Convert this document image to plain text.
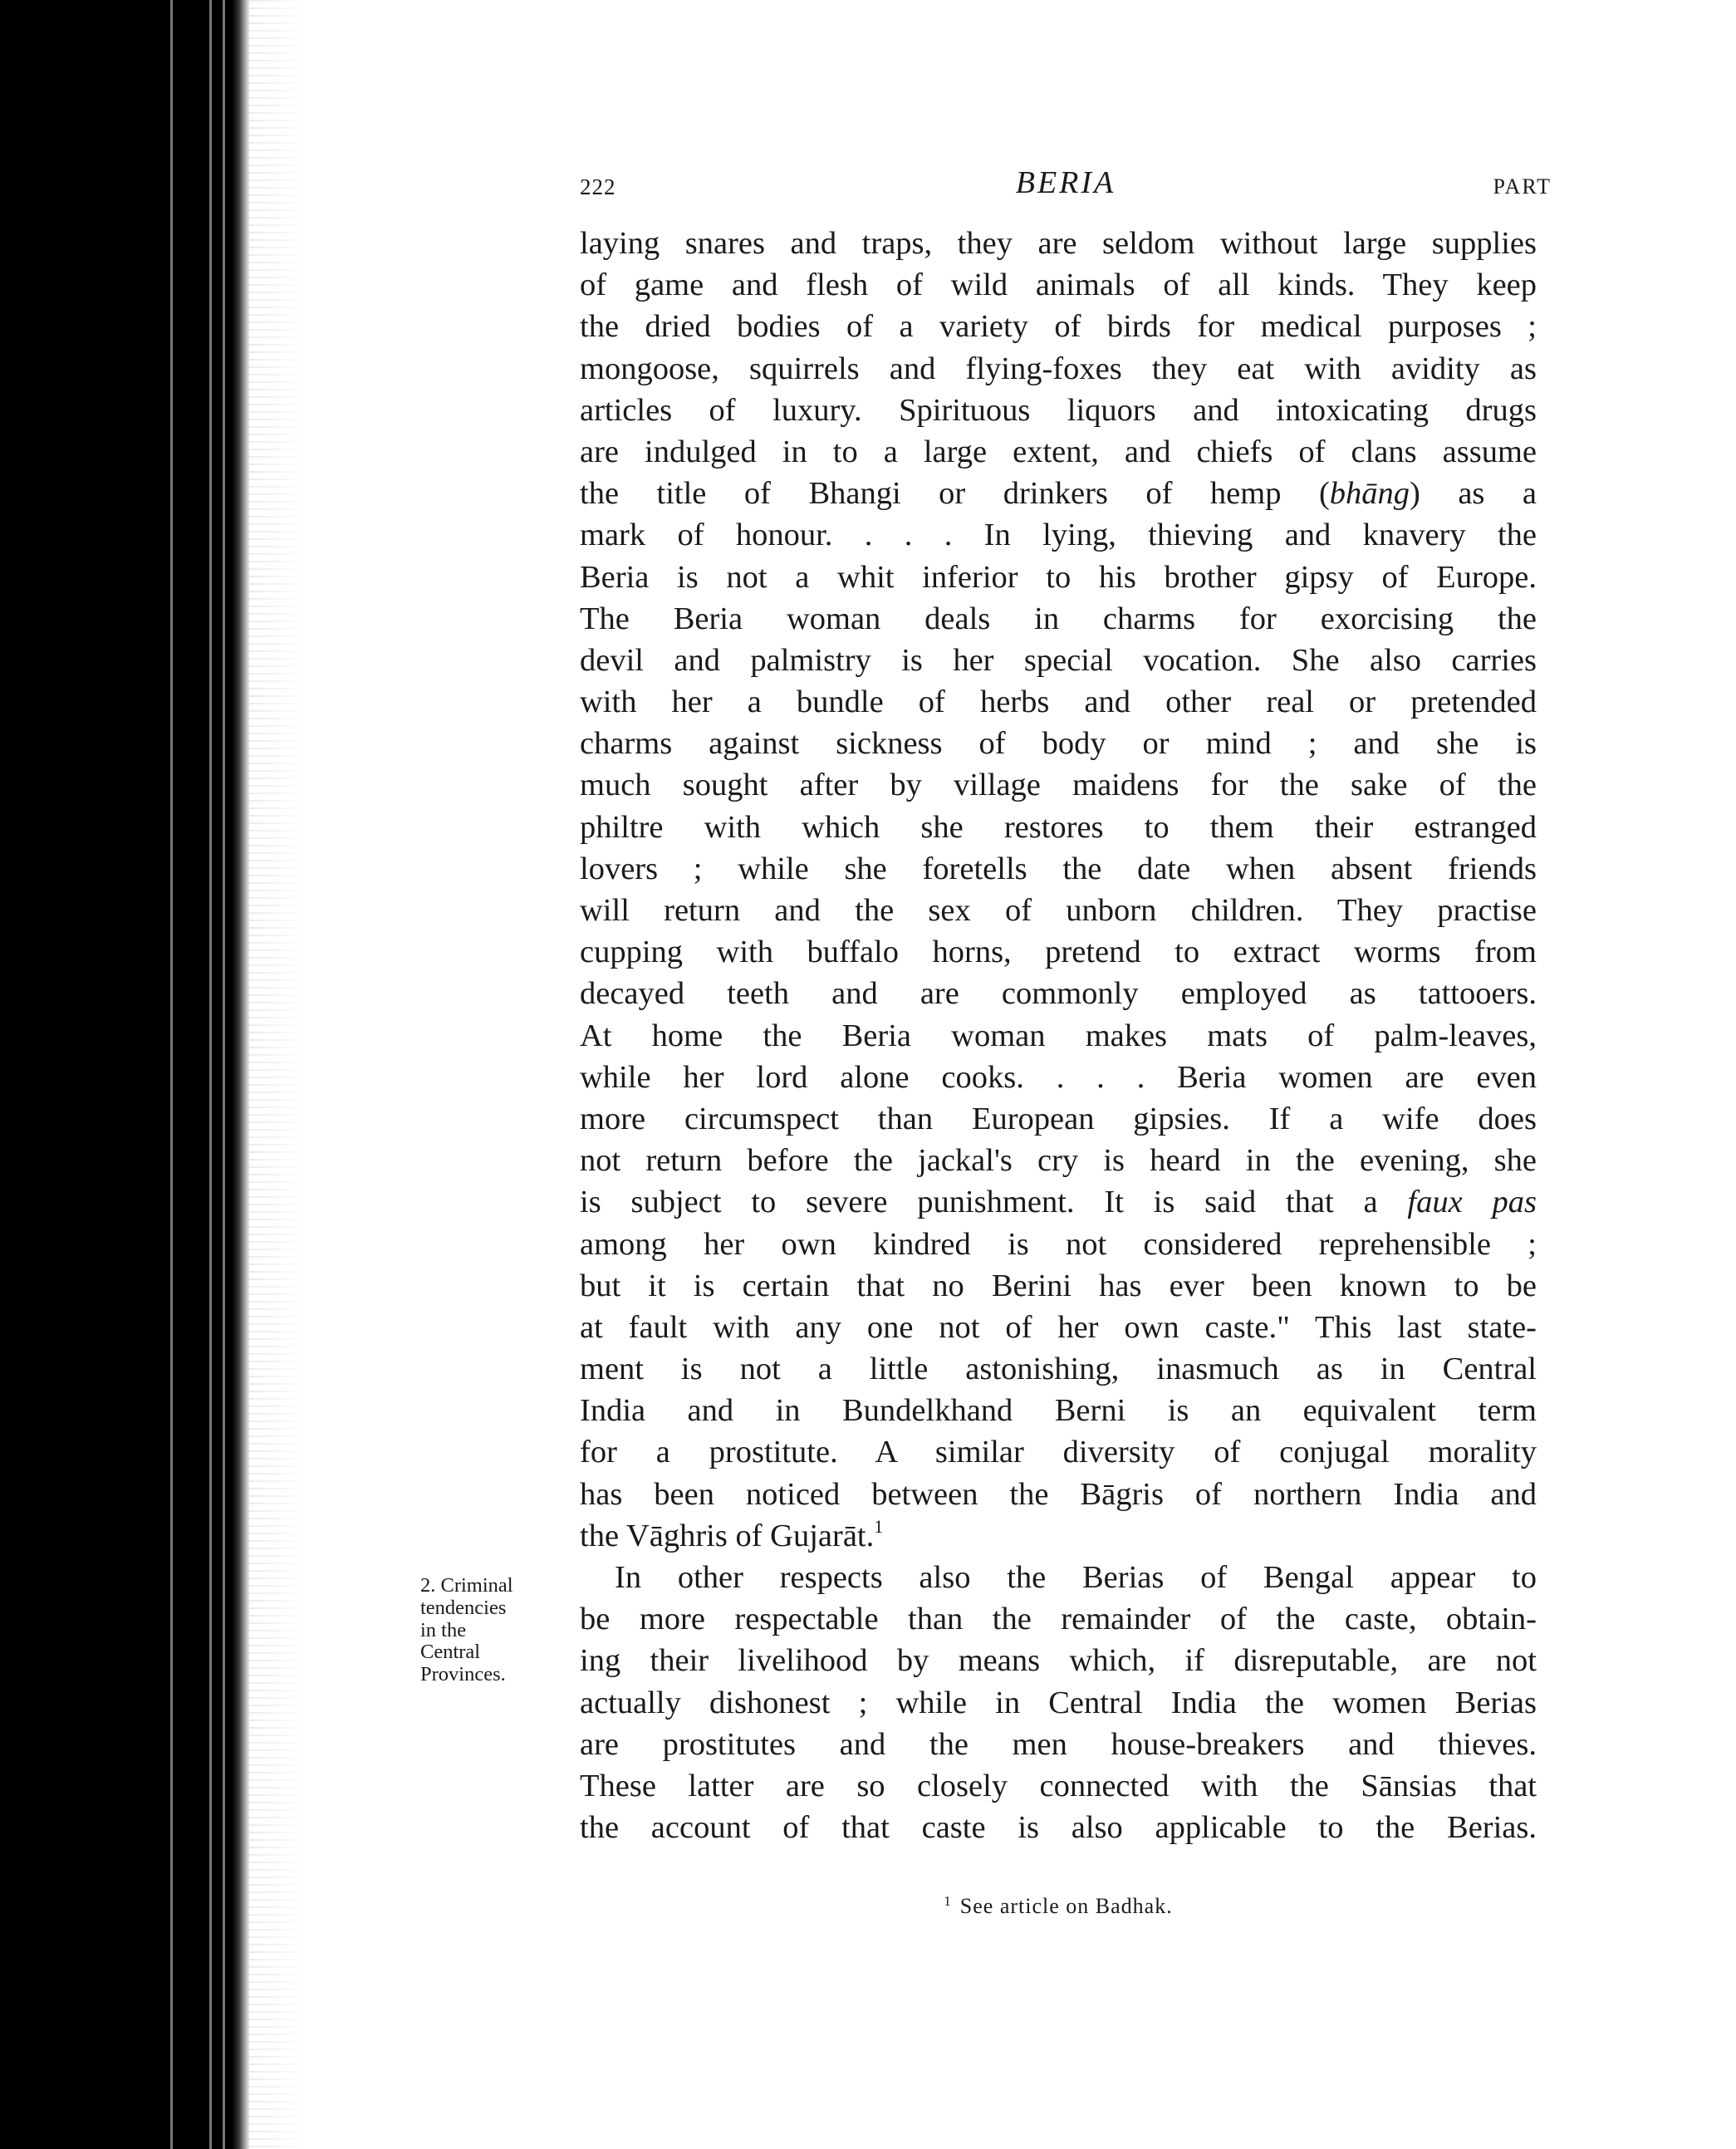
222	BERIA	PART
laying snares and traps, they are seldom without large supplies
of game and flesh of wild animals of all kinds. They keep
the dried bodies of a variety of birds for medical purposes ;
mongoose, squirrels and flying-foxes they eat with avidity as
articles of luxury. Spirituous liquors and intoxicating drugs
are indulged in to a large extent, and chiefs of clans assume
the title of Bhangi or drinkers of hemp (bhāng) as a
mark of honour. . . . In lying, thieving and knavery the
Beria is not a whit inferior to his brother gipsy of Europe.
The Beria woman deals in charms for exorcising the
devil and palmistry is her special vocation. She also carries
with her a bundle of herbs and other real or pretended
charms against sickness of body or mind ; and she is
much sought after by village maidens for the sake of the
philtre with which she restores to them their estranged
lovers ; while she foretells the date when absent friends
will return and the sex of unborn children. They practise
cupping with buffalo horns, pretend to extract worms from
decayed teeth and are commonly employed as tattooers.
At home the Beria woman makes mats of palm-leaves,
while her lord alone cooks. . . . Beria women are even
more circumspect than European gipsies. If a wife does
not return before the jackal's cry is heard in the evening, she
is subject to severe punishment. It is said that a faux pas
among her own kindred is not considered reprehensible ;
but it is certain that no Berini has ever been known to be
at fault with any one not of her own caste." This last state-
ment is not a little astonishing, inasmuch as in Central
India and in Bundelkhand Berni is an equivalent term
for a prostitute. A similar diversity of conjugal morality
has been noticed between the Bāgris of northern India and
the Vāghris of Gujarāt.$^1$
In other respects also the Berias of Bengal appear to
be more respectable than the remainder of the caste, obtain-
ing their livelihood by means which, if disreputable, are not
actually dishonest ; while in Central India the women Berias
are prostitutes and the men house-breakers and thieves.
These latter are so closely connected with the Sānsias that
the account of that caste is also applicable to the Berias.
2. Criminal
tendencies
in the
Central
Provinces.
$^1$ See article on Badhak.
